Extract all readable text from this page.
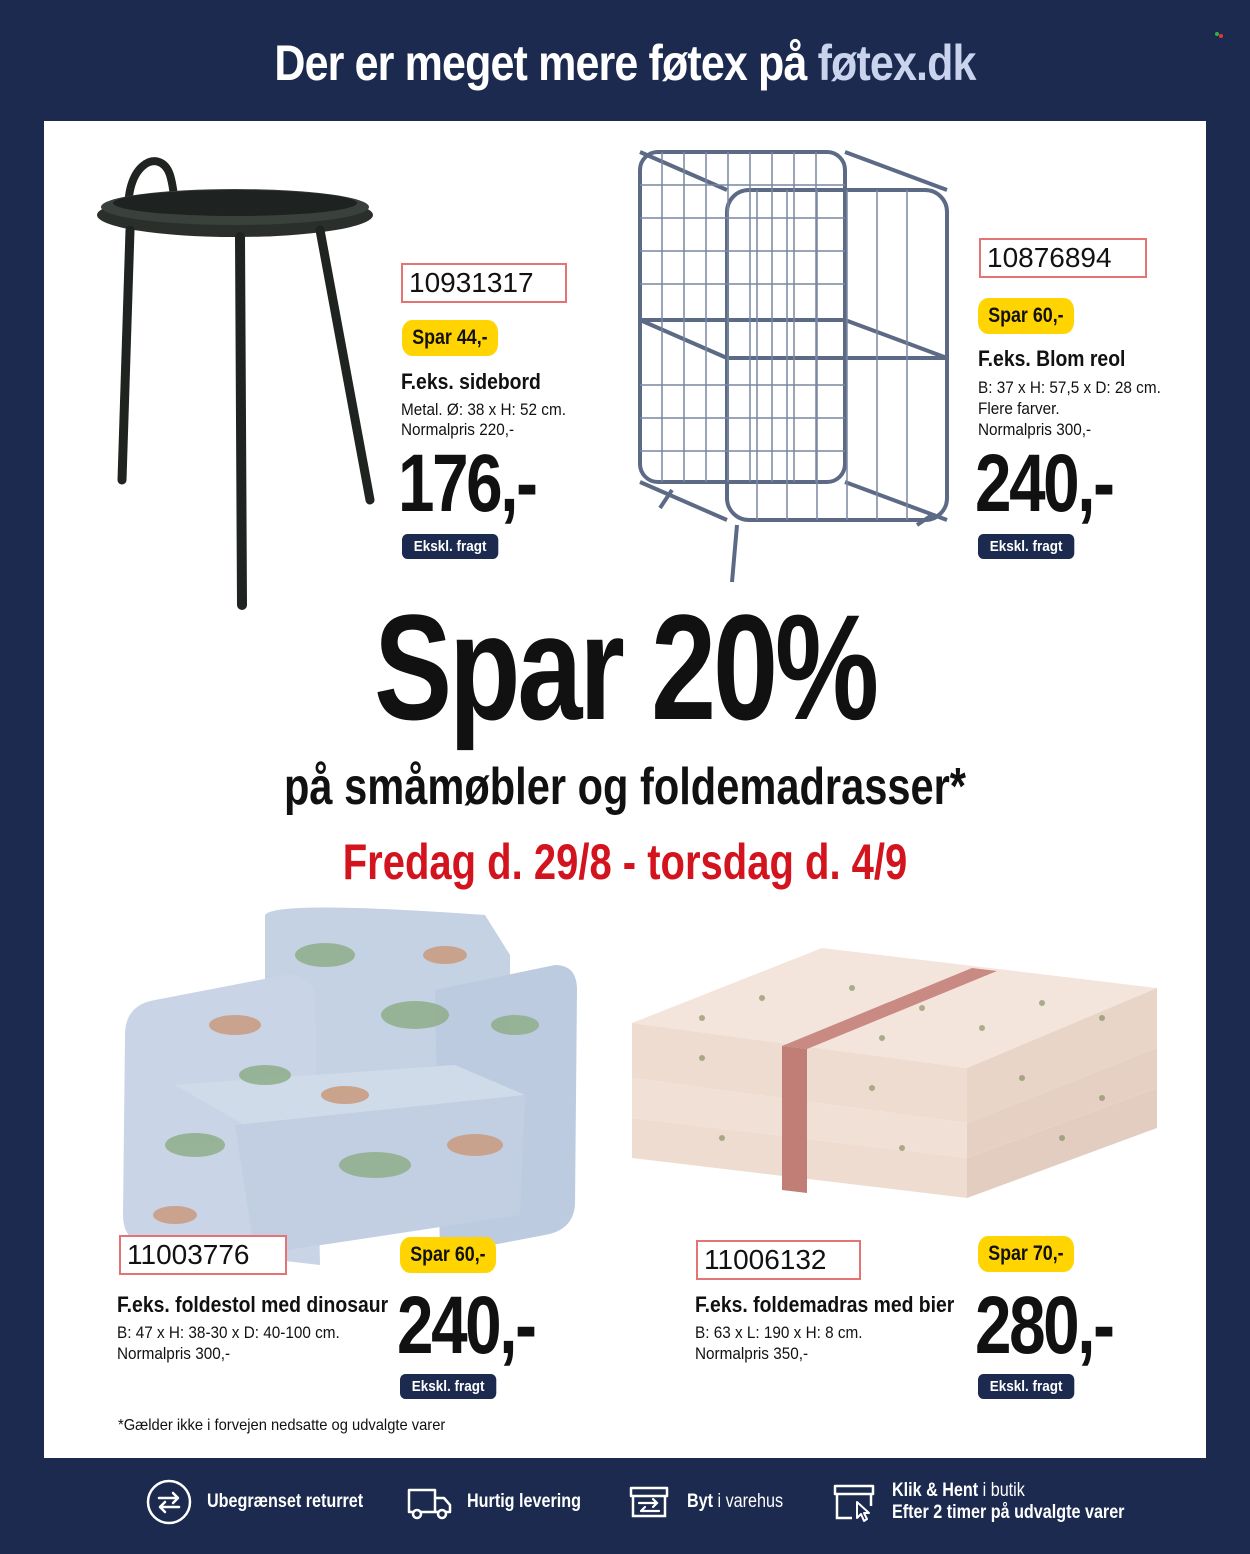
Der er meget mere føtex på føtex.dk
10931317
Spar 44,-
F.eks. sidebord
Metal. Ø: 38 x H: 52 cm.
Normalpris 220,-
176,-
Ekskl. fragt
10876894
Spar 60,-
F.eks. Blom reol
B: 37 x H: 57,5 x D: 28 cm.
Flere farver.
Normalpris 300,-
240,-
Ekskl. fragt
Spar 20%
på småmøbler og foldemadrasser*
Fredag d. 29/8 - torsdag d. 4/9
11003776	Spar 60,-
F.eks. foldestol med dinosaur
B: 47 x H: 38-30 x D: 40-100 cm.
Normalpris 300,- 240,-
Ekskl. fragt
11006132	Spar 70,-
F.eks. foldemadras med bier
B: 63 x L: 190 x H: 8 cm.
Normalpris 350,- 280,-
Ekskl. fragt
*Gælder ikke i forvejen nedsatte og udvalgte varer
Ubegrænset returret	Hurtig levering	Byt i varehus
Klik & Hent i butik
Efter 2 timer på udvalgte varer
